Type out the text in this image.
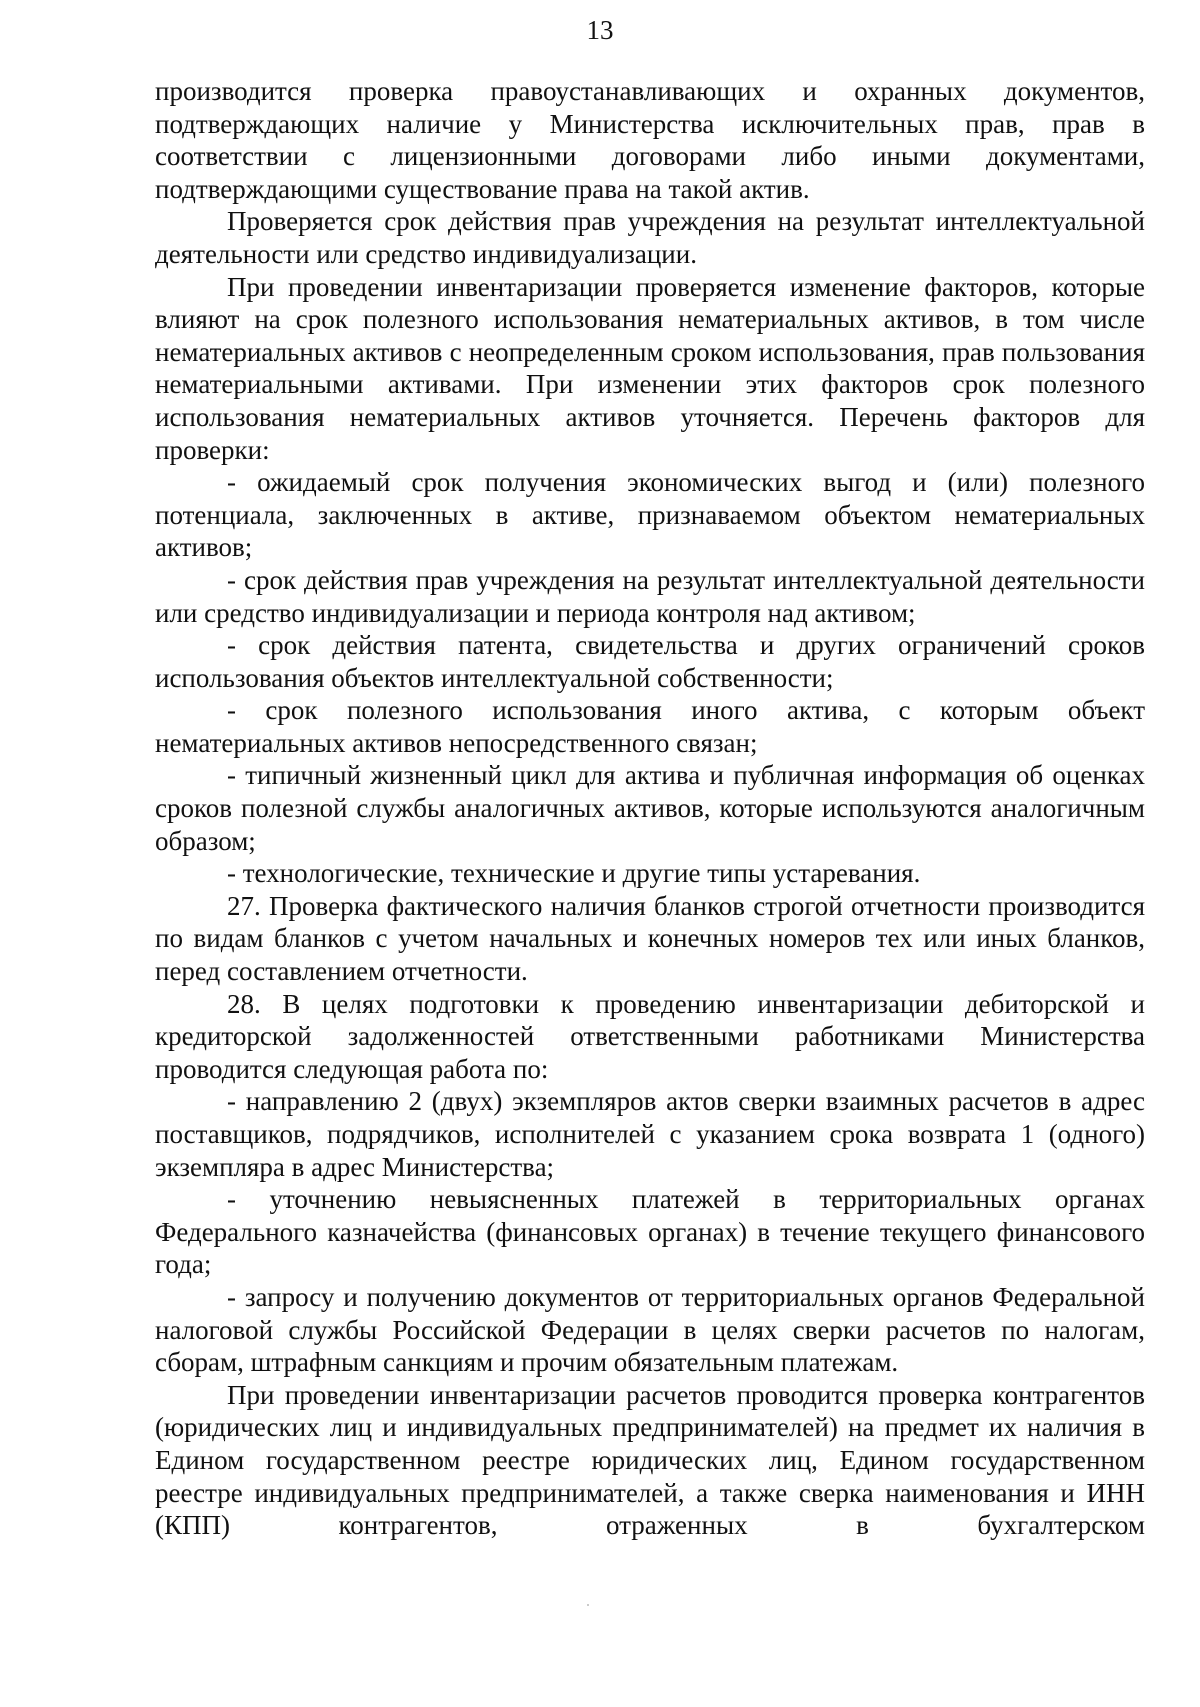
13

производится проверка правоустанавливающих и охранных документов, подтверждающих наличие у Министерства исключительных прав, прав в соответствии с лицензионными договорами либо иными документами, подтверждающими существование права на такой актив.

Проверяется срок действия прав учреждения на результат интеллектуальной деятельности или средство индивидуализации.

При проведении инвентаризации проверяется изменение факторов, которые влияют на срок полезного использования нематериальных активов, в том числе нематериальных активов с неопределенным сроком использования, прав пользования нематериальными активами. При изменении этих факторов срок полезного использования нематериальных активов уточняется. Перечень факторов для проверки:

- ожидаемый срок получения экономических выгод и (или) полезного потенциала, заключенных в активе, признаваемом объектом нематериальных активов;

- срок действия прав учреждения на результат интеллектуальной деятельности или средство индивидуализации и периода контроля над активом;

- срок действия патента, свидетельства и других ограничений сроков использования объектов интеллектуальной собственности;

- срок полезного использования иного актива, с которым объект нематериальных активов непосредственного связан;

- типичный жизненный цикл для актива и публичная информация об оценках сроков полезной службы аналогичных активов, которые используются аналогичным образом;

- технологические, технические и другие типы устаревания.

27. Проверка фактического наличия бланков строгой отчетности производится по видам бланков с учетом начальных и конечных номеров тех или иных бланков, перед составлением отчетности.

28. В целях подготовки к проведению инвентаризации дебиторской и кредиторской задолженностей ответственными работниками Министерства проводится следующая работа по:

- направлению 2 (двух) экземпляров актов сверки взаимных расчетов в адрес поставщиков, подрядчиков, исполнителей с указанием срока возврата 1 (одного) экземпляра в адрес Министерства;

- уточнению невыясненных платежей в территориальных органах Федерального казначейства (финансовых органах) в течение текущего финансового года;

- запросу и получению документов от территориальных органов Федеральной налоговой службы Российской Федерации в целях сверки расчетов по налогам, сборам, штрафным санкциям и прочим обязательным платежам.

При проведении инвентаризации расчетов проводится проверка контрагентов (юридических лиц и индивидуальных предпринимателей) на предмет их наличия в Едином государственном реестре юридических лиц, Едином государственном реестре индивидуальных предпринимателей, а также сверка наименования и ИНН (КПП) контрагентов, отраженных в бухгалтерском
